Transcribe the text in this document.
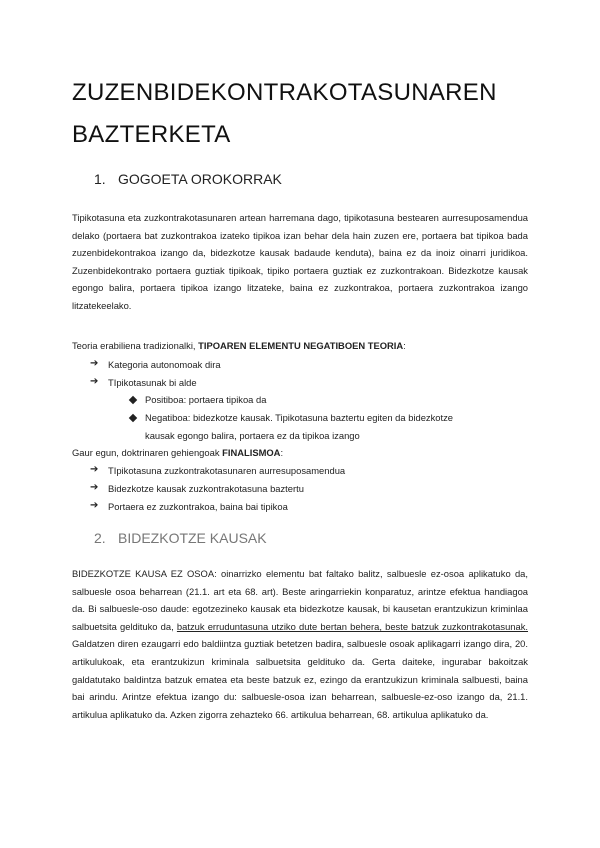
ZUZENBIDEKONTRAKOTASUNAREN BAZTERKETA
1. GOGOETA OROKORRAK

Tipikotasuna eta zuzkontrakotasunaren artean harremana dago, tipikotasuna bestearen aurresuposamendua delako (portaera bat zuzkontrakoa izateko tipikoa izan behar dela hain zuzen ere, portaera bat tipikoa bada zuzenbidekontrakoa izango da, bidezkotze kausak badaude kenduta), baina ez da inoiz oinarri juridikoa. Zuzenbidekontrako portaera guztiak tipikoak, tipiko portaera guztiak ez zuzkontrakoan. Bidezkotze kausak egongo balira, portaera tipikoa izango litzateke, baina ez zuzkontrakoa, portaera zuzkontrakoa izango litzatekeelako.

Teoria erabiliena tradizionalki, TIPOAREN ELEMENTU NEGATIBOEN TEORIA:

➔ Kategoria autonomoak dira

➔ TIpikotasunak bi alde

Positiboa: portaera tipikoa da

Negatiboa: bidezkotze kausak. Tipikotasuna baztertu egiten da bidezkotze

kausak egongo balira, portaera ez da tipikoa izango

Gaur egun, doktrinaren gehiengoak FINALISMOA:

➔ TIpikotasuna zuzkontrakotasunaren aurresuposamendua

➔ Bidezkotze kausak zuzkontrakotasuna baztertu

➔ Portaera ez zuzkontrakoa, baina bai tipikoa

2. BIDEZKOTZE KAUSAK

BIDEZKOTZE KAUSA EZ OSOA: oinarrizko elementu bat faltako balitz, salbuesle ez-osoa aplikatuko da, salbuesle osoa beharrean (21.1. art eta 68. art). Beste aringarriekin konparatuz, arintze efektua handiagoa da. Bi salbuesle-oso daude: egotzezineko kausak eta bidezkotze kausak, bi kausetan erantzukizun kriminlaa salbuetsita geldituko da, batzuk erruduntasuna utziko dute bertan behera, beste batzuk zuzkontrakotasunak. Galdatzen diren ezaugarri edo baldiintza guztiak betetzen badira, salbuesle osoak aplikagarri izango dira, 20. artikulukoak, eta erantzukizun kriminala salbuetsita geldituko da. Gerta daiteke, ingurabar bakoitzak galdatutako baldintza batzuk ematea eta beste batzuk ez, ezingo da erantzukizun kriminala salbuesti, baina bai arindu. Arintze efektua izango du: salbuesle-osoa izan beharrean, salbuesle-ez-oso izango da, 21.1. artikulua aplikatuko da. Azken zigorra zehazteko 66. artikulua beharrean, 68. artikulua aplikatuko da.
